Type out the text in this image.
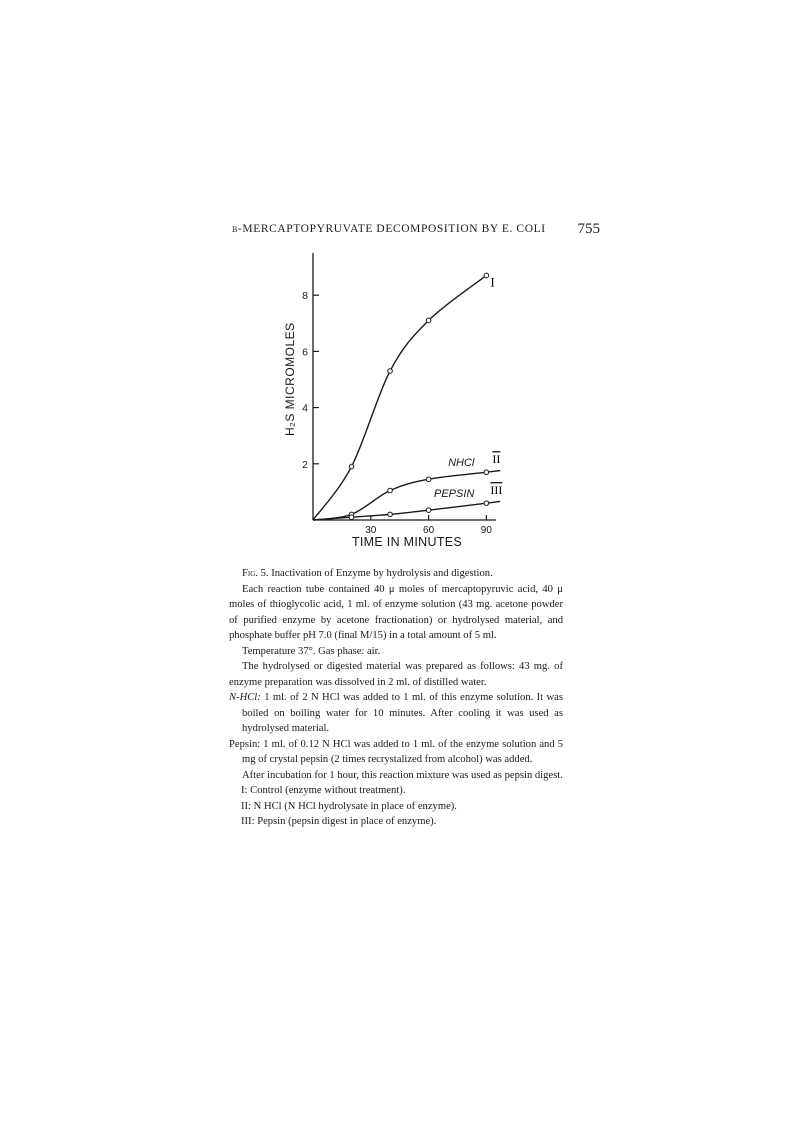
β-MERCAPTOPYRUVATE DECOMPOSITION BY E. COLI 755
2
4
6
8
30	60	90
I
NHCl II
PEPSIN III
H₂S MICROMOLES
TIME IN MINUTES

Fig. 5. Inactivation of Enzyme by hydrolysis and digestion.

Each reaction tube contained 40 μ moles of mercaptopyruvic acid, 40 μ moles of thioglycolic acid, 1 ml. of enzyme solution (43 mg. acetone powder of purified enzyme by acetone fractionation) or hydrolysed material, and phosphate buffer pH 7.0 (final M/15) in a total amount of 5 ml.

Temperature 37°. Gas phase: air.

The hydrolysed or digested material was prepared as follows: 43 mg. of enzyme preparation was dissolved in 2 ml. of distilled water.

N-HCl: 1 ml. of 2 N HCl was added to 1 ml. of this enzyme solution. It was boiled on boiling water for 10 minutes. After cooling it was used as hydrolysed material.

Pepsin: 1 ml. of 0.12 N HCl was added to 1 ml. of the enzyme solution and 5 mg of crystal pepsin (2 times recrystalized from alcohol) was added.

After incubation for 1 hour, this reaction mixture was used as pepsin digest.

I: Control (enzyme without treatment).

II: N HCl (N HCl hydrolysate in place of enzyme).

III: Pepsin (pepsin digest in place of enzyme).
